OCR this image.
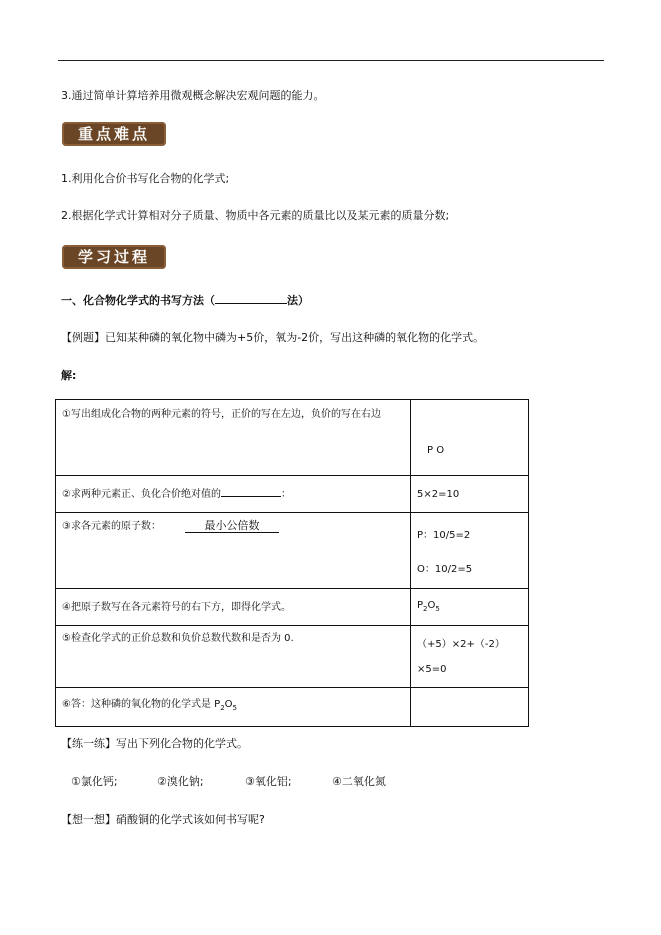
3.通过简单计算培养用微观概念解决宏观问题的能力。
重点难点
1.利用化合价书写化合物的化学式;
2.根据化学式计算相对分子质量、物质中各元素的质量比以及某元素的质量分数;
学习过程
一、化合物化学式的书写方法（	法）
【例题】已知某种磷的氧化物中磷为+5价，氧为-2价，写出这种磷的氧化物的化学式。
解:
①写出组成化合物的两种元素的符号，正价的写在左边，负价的写在右边	P O
②求两种元素正、负化合价绝对值的 ：	5×2=10
③求各元素的原子数： 最小公倍数	P：10/5=2
O：10/2=5

④把原子数写在各元素符号的右下方，即得化学式。	$P_2O_5$
⑤检查化学式的正价总数和负价总数代数和是否为 0.	（+5）×2+（-2）×5=0
⑥答：这种磷的氧化物的化学式是 $P_2O_5$	
【练一练】写出下列化合物的化学式。
①氯化钙;	②溴化钠;	③氧化铝;	④二氧化氮
【想一想】硝酸铜的化学式该如何书写呢?
